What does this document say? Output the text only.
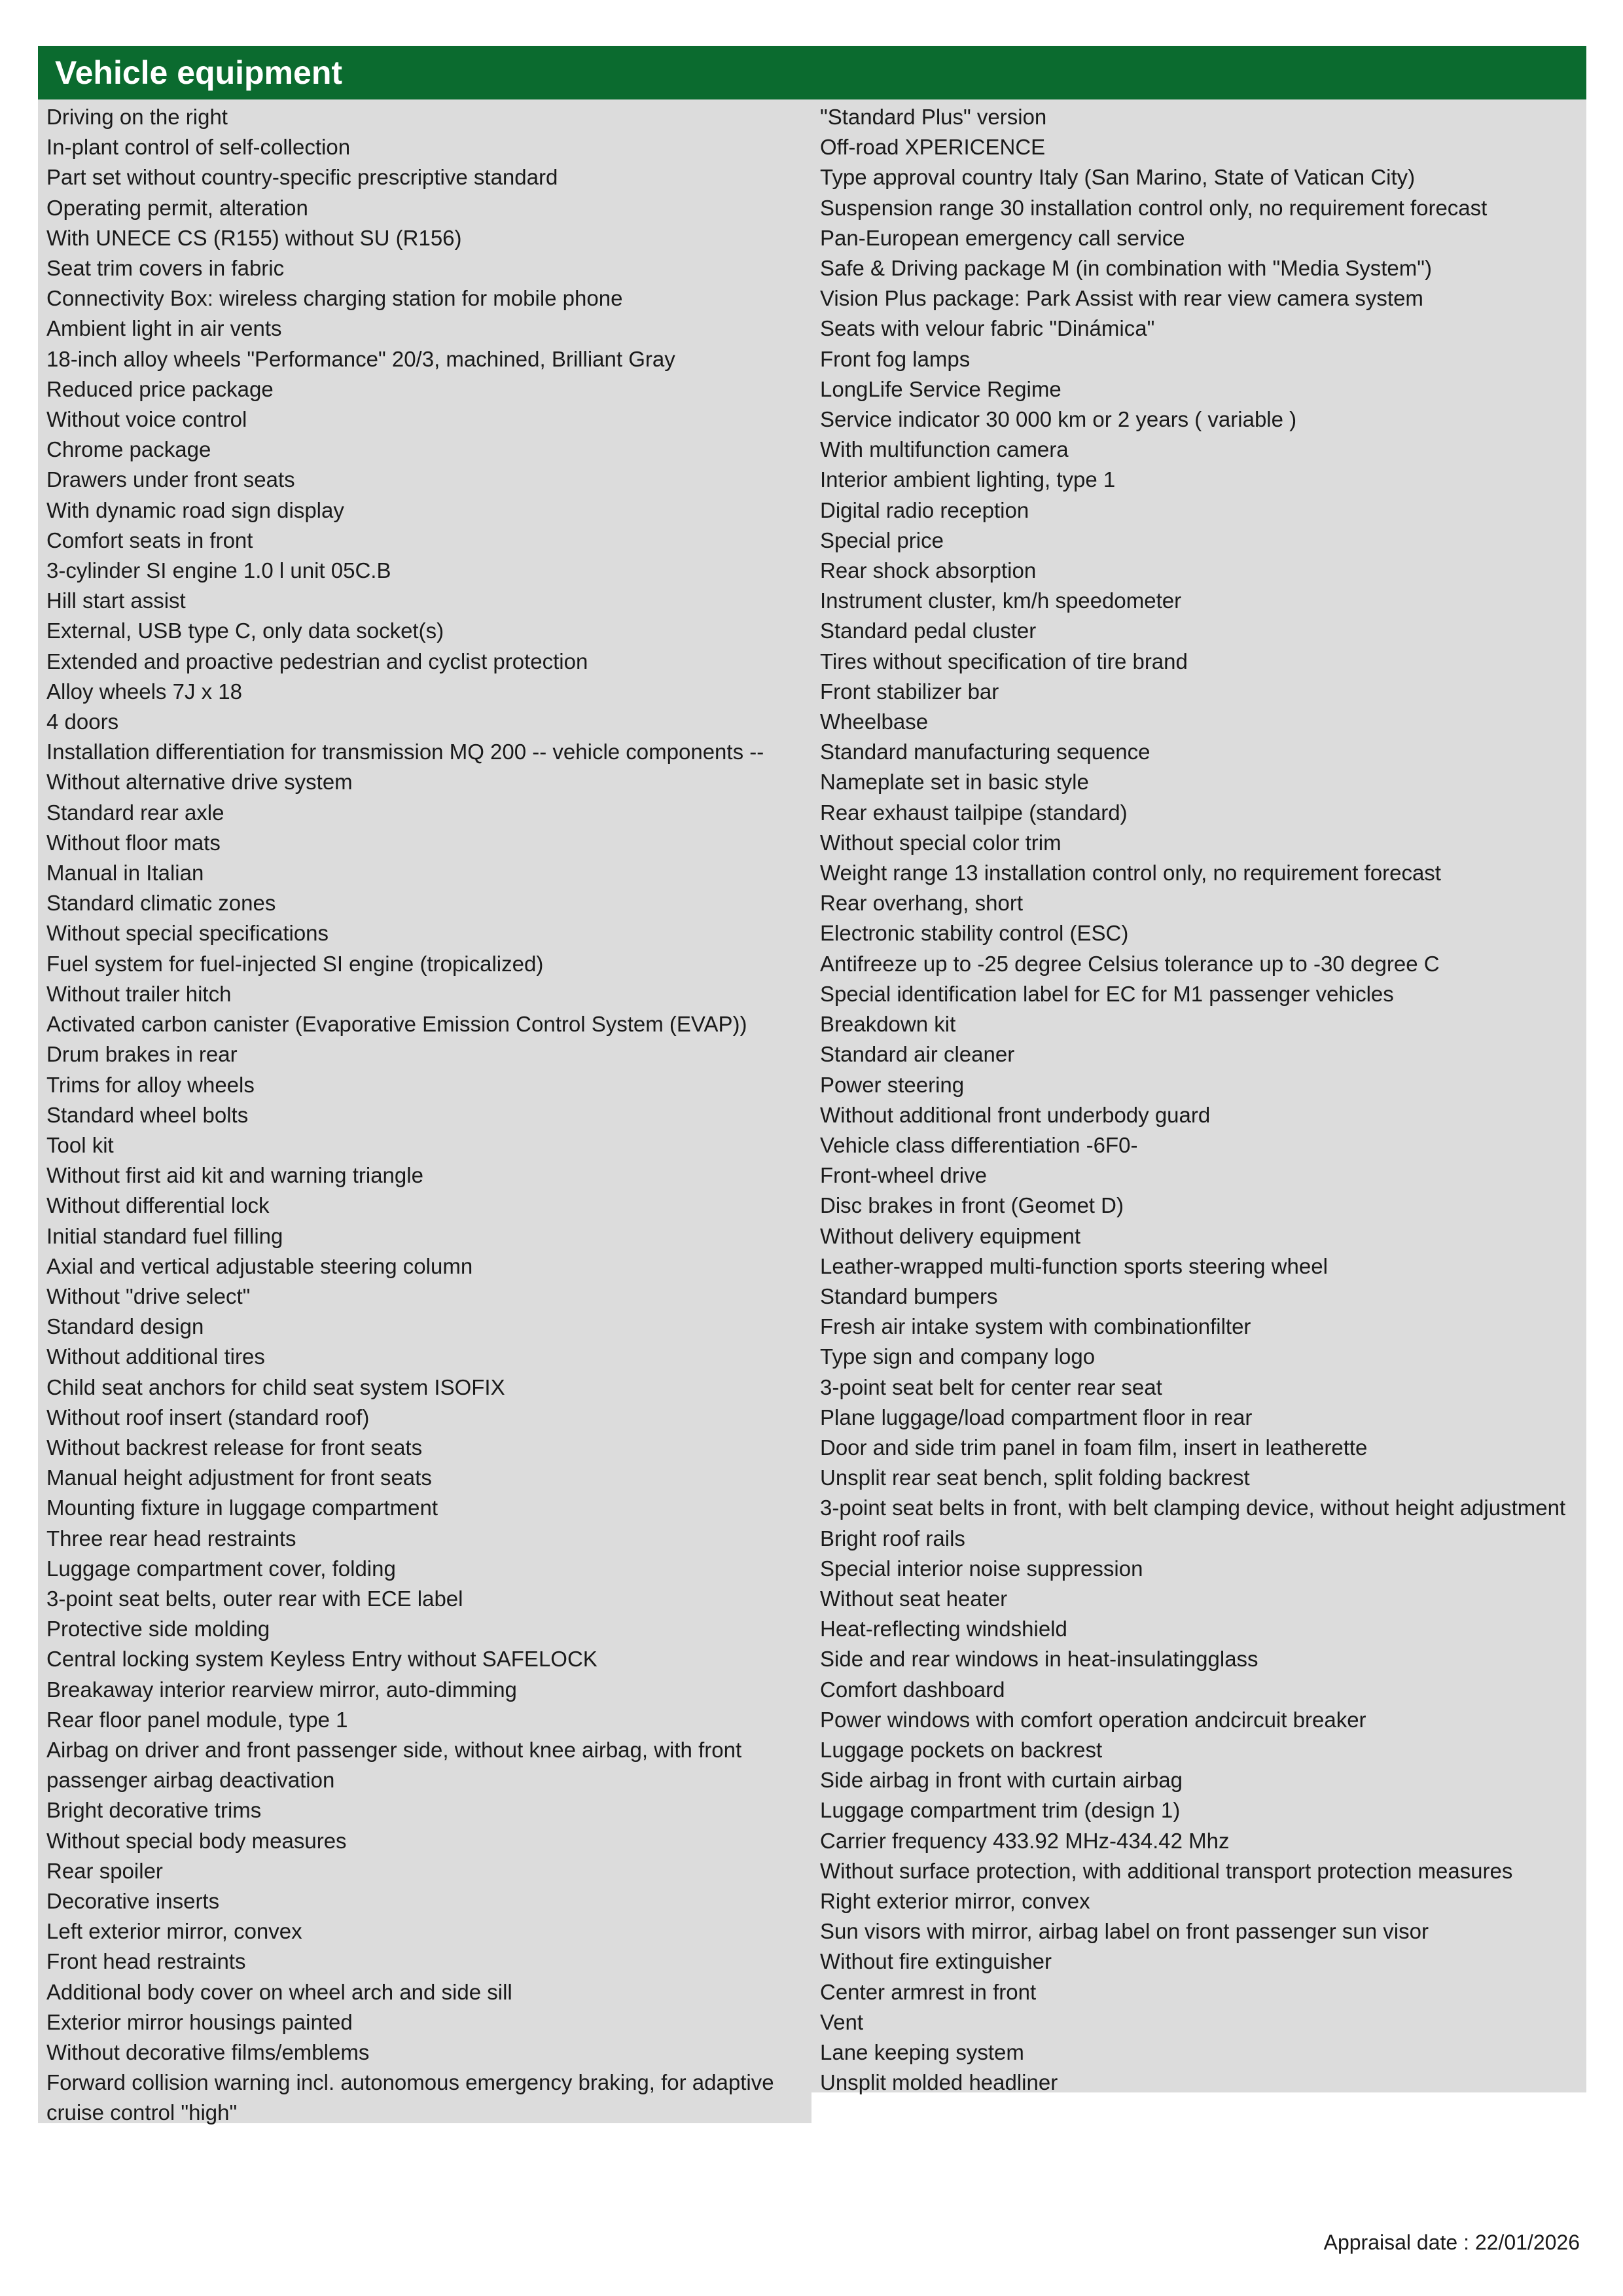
Vehicle equipment
Driving on the right
In-plant control of self-collection
Part set without country-specific prescriptive standard
Operating permit, alteration
With UNECE CS (R155) without SU (R156)
Seat trim covers in fabric
Connectivity Box: wireless charging station for mobile phone
Ambient light in air vents
18-inch alloy wheels "Performance" 20/3, machined, Brilliant Gray
Reduced price package
Without voice control
Chrome package
Drawers under front seats
With dynamic road sign display
Comfort seats in front
3-cylinder SI engine 1.0 l unit 05C.B
Hill start assist
External, USB type C, only data socket(s)
Extended and proactive pedestrian and cyclist protection
Alloy wheels 7J x 18
4 doors
Installation differentiation for transmission MQ 200 -- vehicle components --
Without alternative drive system
Standard rear axle
Without floor mats
Manual in Italian
Standard climatic zones
Without special specifications
Fuel system for fuel-injected SI engine (tropicalized)
Without trailer hitch
Activated carbon canister (Evaporative Emission Control System (EVAP))
Drum brakes in rear
Trims for alloy wheels
Standard wheel bolts
Tool kit
Without first aid kit and warning triangle
Without differential lock
Initial standard fuel filling
Axial and vertical adjustable steering column
Without "drive select"
Standard design
Without additional tires
Child seat anchors for child seat system ISOFIX
Without roof insert (standard roof)
Without backrest release for front seats
Manual height adjustment for front seats
Mounting fixture in luggage compartment
Three rear head restraints
Luggage compartment cover, folding
3-point seat belts, outer rear with ECE label
Protective side molding
Central locking system Keyless Entry without SAFELOCK
Breakaway interior rearview mirror, auto-dimming
Rear floor panel module, type 1
Airbag on driver and front passenger side, without knee airbag, with front passenger airbag deactivation
Bright decorative trims
Without special body measures
Rear spoiler
Decorative inserts
Left exterior mirror, convex
Front head restraints
Additional body cover on wheel arch and side sill
Exterior mirror housings painted
Without decorative films/emblems
Forward collision warning incl. autonomous emergency braking, for adaptive cruise control "high"
"Standard Plus" version
Off-road XPERICENCE
Type approval country Italy (San Marino, State of Vatican City)
Suspension range 30 installation control only, no requirement forecast
Pan-European emergency call service
Safe & Driving package M (in combination with "Media System")
Vision Plus package: Park Assist with rear view camera system
Seats with velour fabric "Dinámica"
Front fog lamps
LongLife Service Regime
Service indicator 30 000 km or 2 years ( variable )
With multifunction camera
Interior ambient lighting, type 1
Digital radio reception
Special price
Rear shock absorption
Instrument cluster, km/h speedometer
Standard pedal cluster
Tires without specification of tire brand
Front stabilizer bar
Wheelbase
Standard manufacturing sequence
Nameplate set in basic style
Rear exhaust tailpipe (standard)
Without special color trim
Weight range 13 installation control only, no requirement forecast
Rear overhang, short
Electronic stability control (ESC)
Antifreeze up to -25 degree Celsius tolerance up to -30 degree C
Special identification label for EC for M1 passenger vehicles
Breakdown kit
Standard air cleaner
Power steering
Without additional front underbody guard
Vehicle class differentiation -6F0-
Front-wheel drive
Disc brakes in front (Geomet D)
Without delivery equipment
Leather-wrapped multi-function sports steering wheel
Standard bumpers
Fresh air intake system with combinationfilter
Type sign and company logo
3-point seat belt for center rear seat
Plane luggage/load compartment floor in rear
Door and side trim panel in foam film, insert in leatherette
Unsplit rear seat bench, split folding backrest
3-point seat belts in front, with belt clamping device, without height adjustment
Bright roof rails
Special interior noise suppression
Without seat heater
Heat-reflecting windshield
Side and rear windows in heat-insulatingglass
Comfort dashboard
Power windows with comfort operation andcircuit breaker
Luggage pockets on backrest
Side airbag in front with curtain airbag
Luggage compartment trim (design 1)
Carrier frequency 433.92 MHz-434.42 Mhz
Without surface protection, with additional transport protection measures
Right exterior mirror, convex
Sun visors with mirror, airbag label on front passenger sun visor
Without fire extinguisher
Center armrest in front
Vent
Lane keeping system
Unsplit molded headliner
Appraisal date : 22/01/2026
